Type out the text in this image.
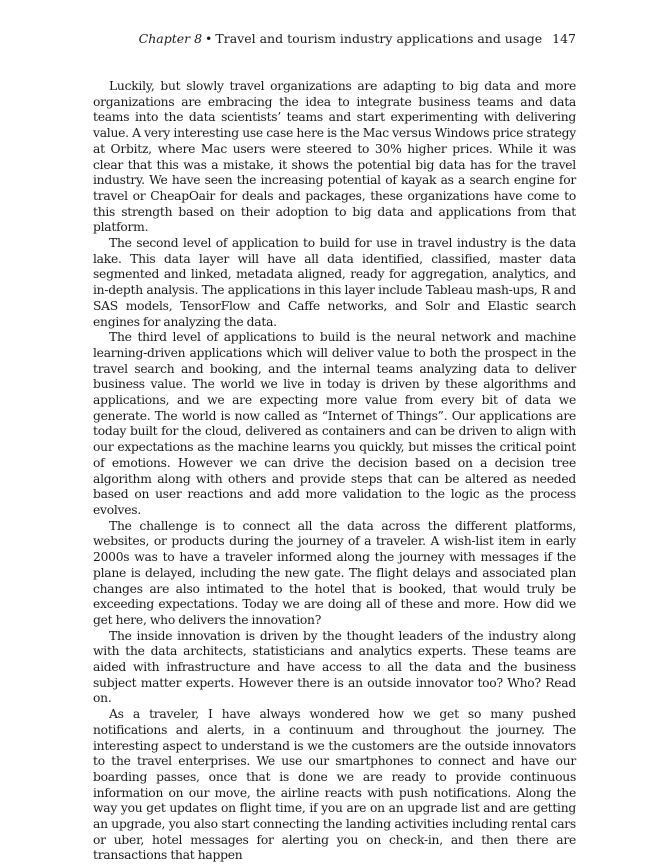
Chapter 8 • Travel and tourism industry applications and usage 147

Luckily, but slowly travel organizations are adapting to big data and more organizations are embracing the idea to integrate business teams and data teams into the data scientists’ teams and start experimenting with delivering value. A very interesting use case here is the Mac versus Windows price strategy at Orbitz, where Mac users were steered to 30% higher prices. While it was clear that this was a mistake, it shows the potential big data has for the travel industry. We have seen the increasing potential of kayak as a search engine for travel or CheapOair for deals and packages, these organizations have come to this strength based on their adoption to big data and applications from that platform.

The second level of application to build for use in travel industry is the data lake. This data layer will have all data identified, classified, master data segmented and linked, metadata aligned, ready for aggregation, analytics, and in-depth analysis. The applications in this layer include Tableau mash-ups, R and SAS models, TensorFlow and Caffe networks, and Solr and Elastic search engines for analyzing the data.

The third level of applications to build is the neural network and machine learning-driven applications which will deliver value to both the prospect in the travel search and booking, and the internal teams analyzing data to deliver business value. The world we live in today is driven by these algorithms and applications, and we are expecting more value from every bit of data we generate. The world is now called as “Internet of Things”. Our applications are today built for the cloud, delivered as containers and can be driven to align with our expectations as the machine learns you quickly, but misses the critical point of emotions. However we can drive the decision based on a decision tree algorithm along with others and provide steps that can be altered as needed based on user reactions and add more validation to the logic as the process evolves.

The challenge is to connect all the data across the different platforms, websites, or products during the journey of a traveler. A wish-list item in early 2000s was to have a traveler informed along the journey with messages if the plane is delayed, including the new gate. The flight delays and associated plan changes are also intimated to the hotel that is booked, that would truly be exceeding expectations. Today we are doing all of these and more. How did we get here, who delivers the innovation?

The inside innovation is driven by the thought leaders of the industry along with the data architects, statisticians and analytics experts. These teams are aided with infrastructure and have access to all the data and the business subject matter experts. However there is an outside innovator too? Who? Read on.

As a traveler, I have always wondered how we get so many pushed notifications and alerts, in a continuum and throughout the journey. The interesting aspect to understand is we the customers are the outside innovators to the travel enterprises. We use our smartphones to connect and have our boarding passes, once that is done we are ready to provide continuous information on our move, the airline reacts with push notifications. Along the way you get updates on flight time, if you are on an upgrade list and are getting an upgrade, you also start connecting the landing activities including rental cars or uber, hotel messages for alerting you on check-in, and then there are transactions that happen
